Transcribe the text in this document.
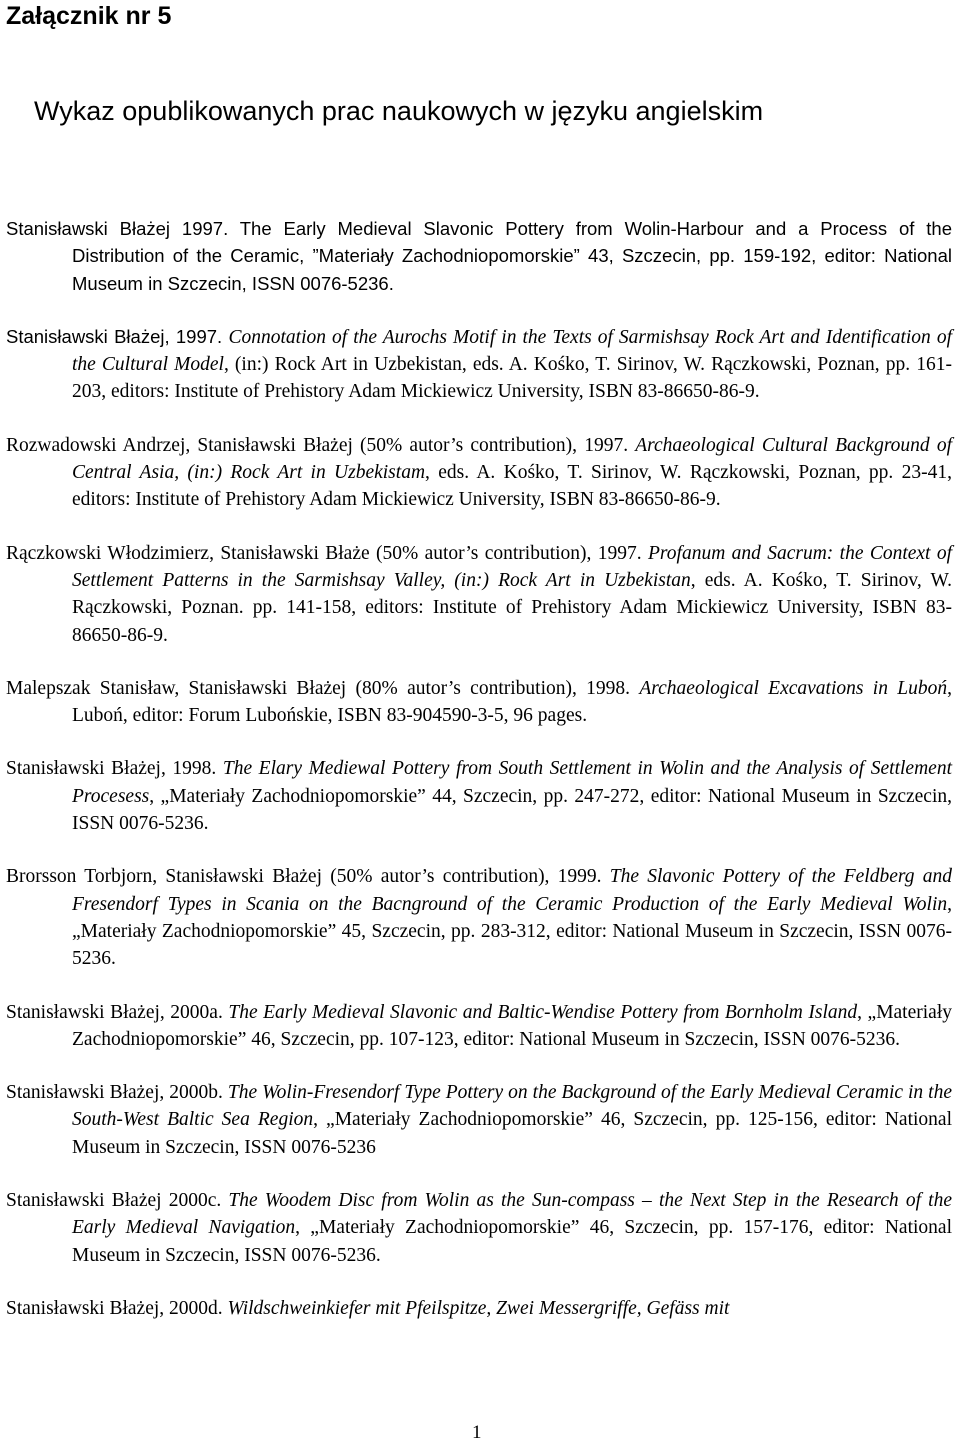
Załącznik nr 5
Wykaz opublikowanych prac naukowych w języku angielskim
Stanisławski Błażej 1997. The Early Medieval Slavonic Pottery from Wolin-Harbour and a Process of the Distribution of the Ceramic, ”Materiały Zachodniopomorskie” 43, Szczecin, pp. 159-192, editor: National Museum in Szczecin, ISSN 0076-5236.
Stanisławski Błażej, 1997. Connotation of the Aurochs Motif in the Texts of Sarmishsay Rock Art and Identification of the Cultural Model, (in:) Rock Art in Uzbekistan, eds. A. Kośko, T. Sirinov, W. Rączkowski, Poznan, pp. 161-203, editors: Institute of Prehistory Adam Mickiewicz University, ISBN 83-86650-86-9.
Rozwadowski Andrzej, Stanisławski Błażej (50% autor’s contribution), 1997. Archaeological Cultural Background of Central Asia, (in:) Rock Art in Uzbekistam, eds. A. Kośko, T. Sirinov, W. Rączkowski, Poznan, pp. 23-41, editors: Institute of Prehistory Adam Mickiewicz University, ISBN 83-86650-86-9.
Rączkowski Włodzimierz, Stanisławski Błaże (50% autor’s contribution), 1997. Profanum and Sacrum: the Context of Settlement Patterns in the Sarmishsay Valley, (in:) Rock Art in Uzbekistan, eds. A. Kośko, T. Sirinov, W. Rączkowski, Poznan. pp. 141-158, editors: Institute of Prehistory Adam Mickiewicz University, ISBN 83-86650-86-9.
Malepszak Stanisław, Stanisławski Błażej (80% autor’s contribution), 1998. Archaeological Excavations in Luboń, Luboń, editor: Forum Lubońskie, ISBN 83-904590-3-5, 96 pages.
Stanisławski Błażej, 1998. The Elary Mediewal Pottery from South Settlement in Wolin and the Analysis of Settlement Procesess, „Materiały Zachodniopomorskie” 44, Szczecin, pp. 247-272, editor: National Museum in Szczecin, ISSN 0076-5236.
Brorsson Torbjorn, Stanisławski Błażej (50% autor’s contribution), 1999. The Slavonic Pottery of the Feldberg and Fresendorf Types in Scania on the Bacnground of the Ceramic Production of the Early Medieval Wolin, „Materiały Zachodniopomorskie” 45, Szczecin, pp. 283-312, editor: National Museum in Szczecin, ISSN 0076-5236.
Stanisławski Błażej, 2000a. The Early Medieval Slavonic and Baltic-Wendise Pottery from Bornholm Island, „Materiały Zachodniopomorskie” 46, Szczecin, pp. 107-123, editor: National Museum in Szczecin, ISSN 0076-5236.
Stanisławski Błażej, 2000b. The Wolin-Fresendorf Type Pottery on the Background of the Early Medieval Ceramic in the South-West Baltic Sea Region, „Materiały Zachodniopomorskie” 46, Szczecin, pp. 125-156, editor: National Museum in Szczecin, ISSN 0076-5236
Stanisławski Błażej 2000c. The Woodem Disc from Wolin as the Sun-compass – the Next Step in the Research of the Early Medieval Navigation, „Materiały Zachodniopomorskie” 46, Szczecin, pp. 157-176, editor: National Museum in Szczecin, ISSN 0076-5236.
Stanisławski Błażej, 2000d. Wildschweinkiefer mit Pfeilspitze, Zwei Messergriffe, Gefäss mit
1
